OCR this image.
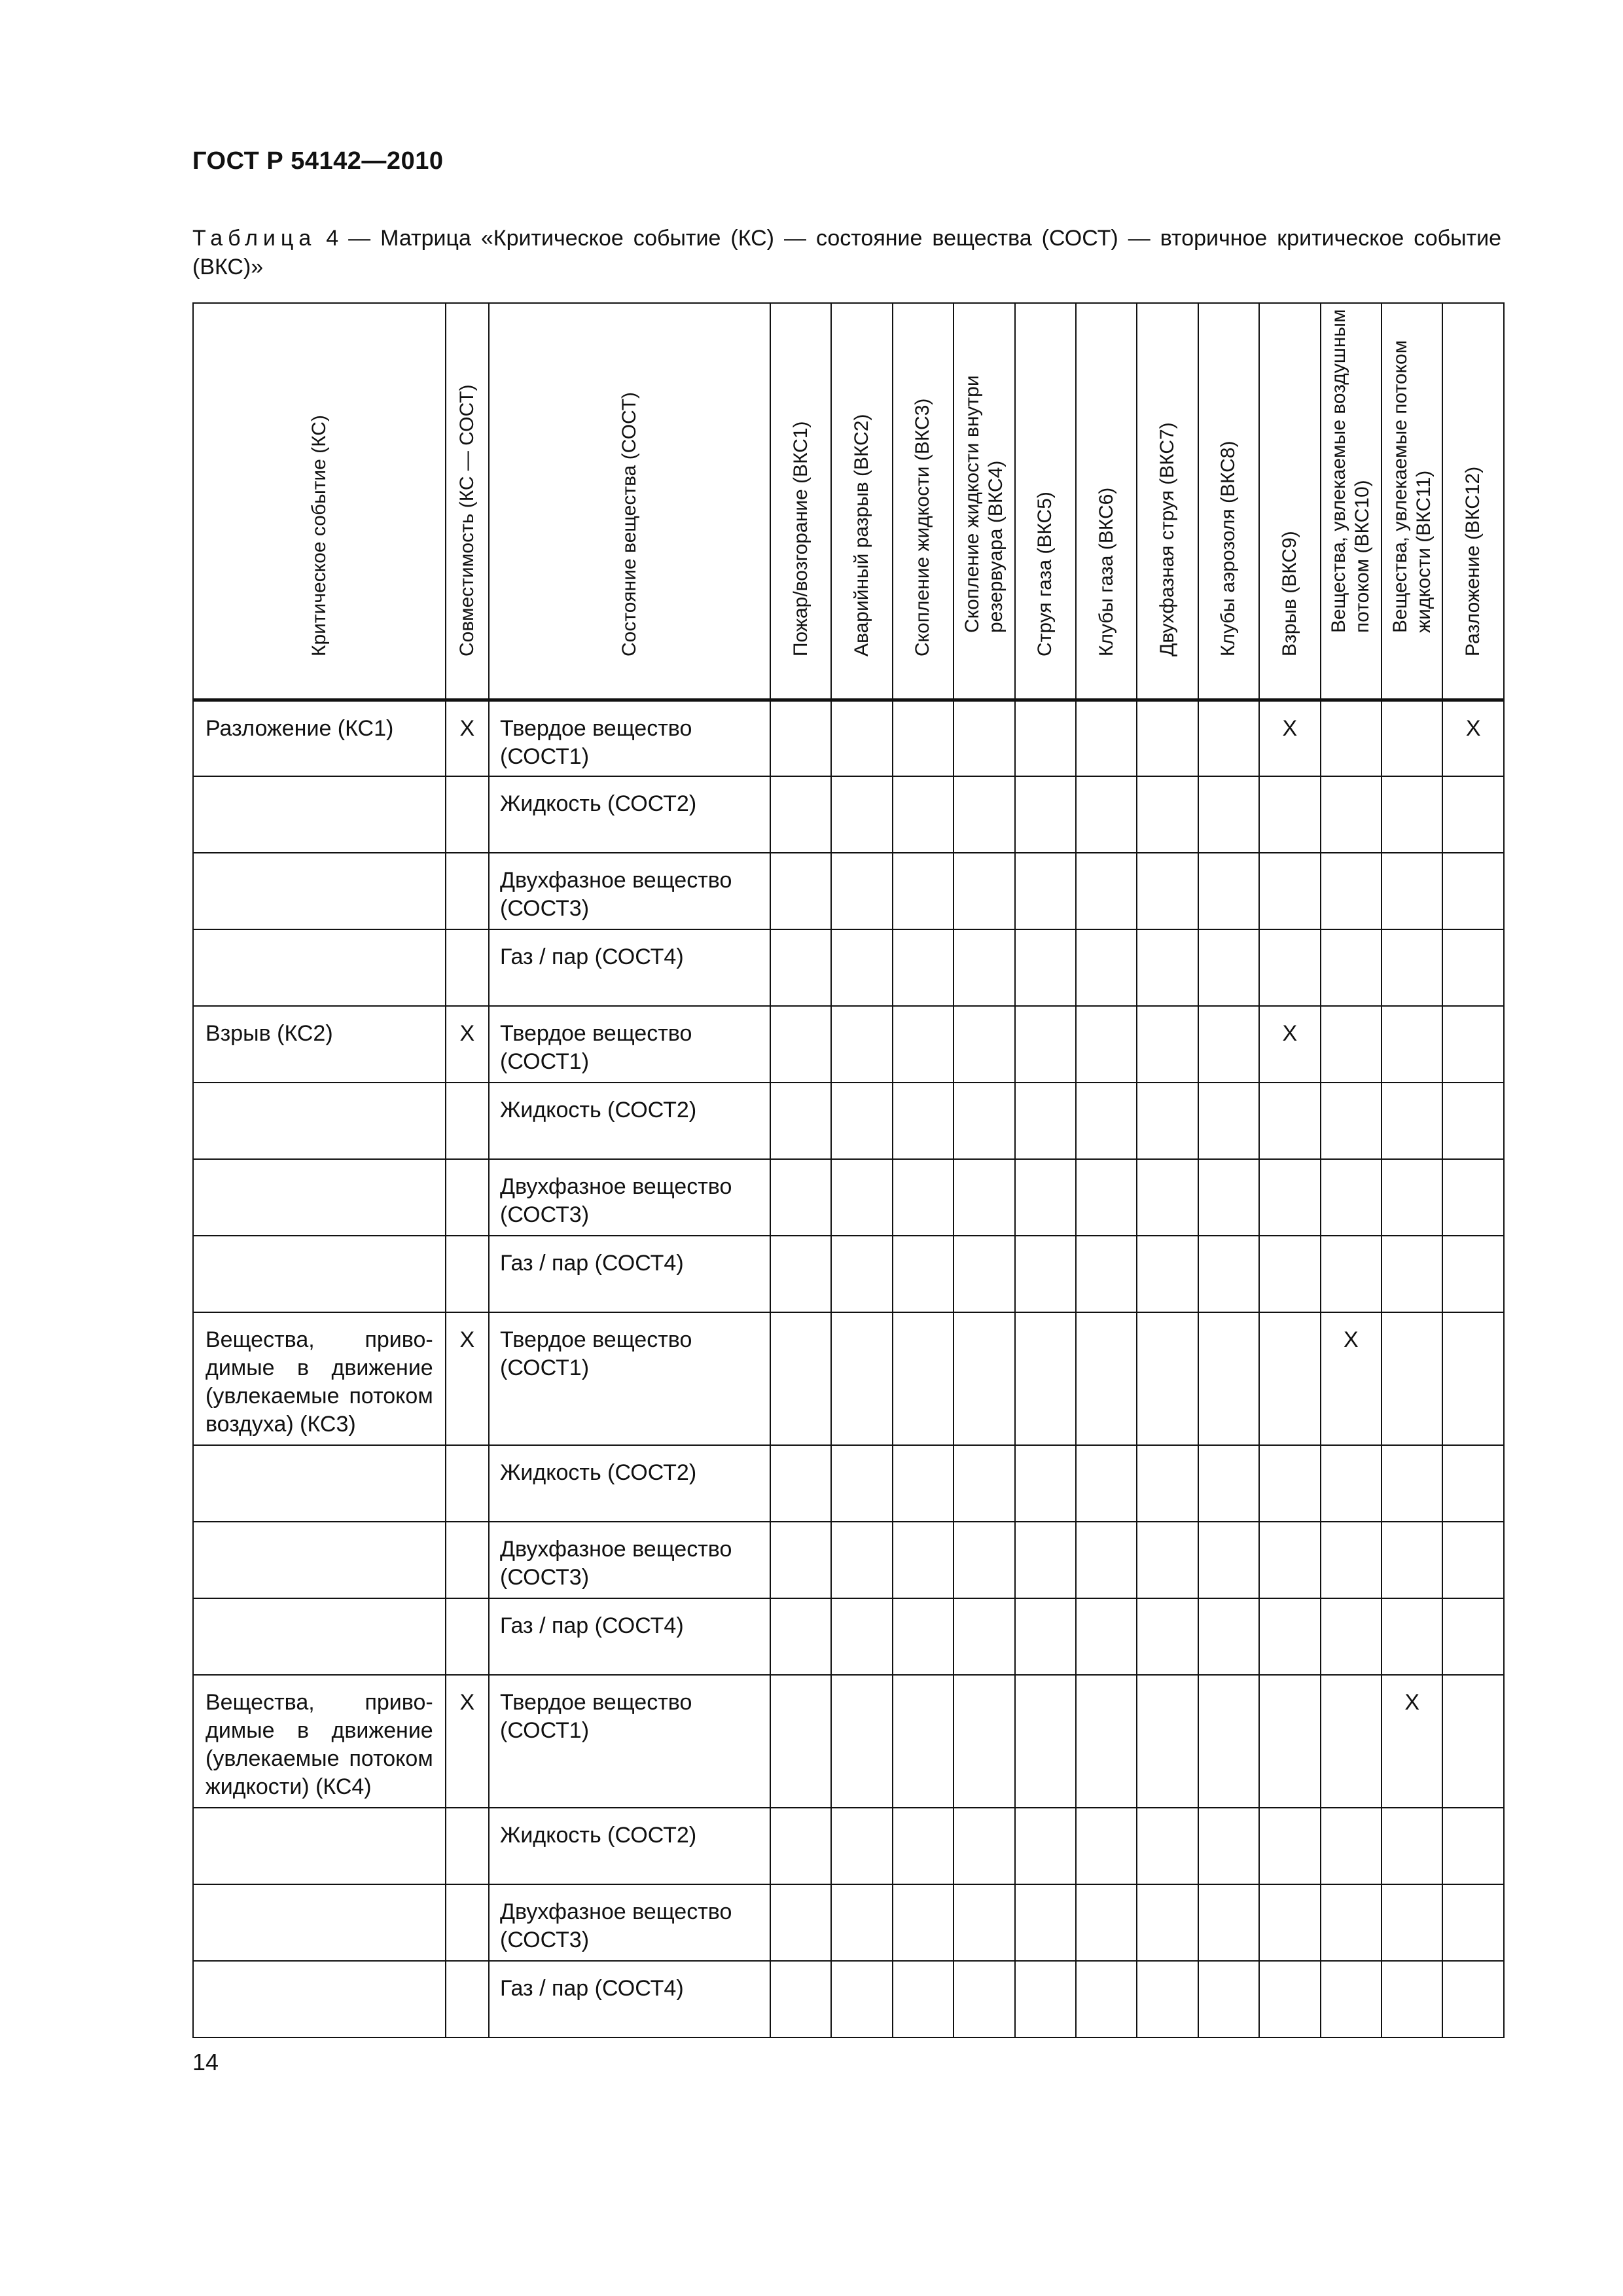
ГОСТ Р 54142—2010
Таблица 4 — Матрица «Критическое событие (КС) — состояние вещества (СОСТ) — вторичное критическое событие (ВКС)»
Критическое событие (КС)	Совместимость (КС — СОСТ)	Состояние вещества (СОСТ)	Пожар/возгорание (ВКС1)	Аварийный разрыв (ВКС2)	Скопление жидкости (ВКС3)	Скопление жидкости внутри резервуара (ВКС4)	Струя газа (ВКС5)	Клубы газа (ВКС6)	Двухфазная струя (ВКС7)	Клубы аэрозоля (ВКС8)	Взрыв (ВКС9)	Вещества, увлекаемые воздушным потоком (ВКС10)	Вещества, увлекаемые потоком жидкости (ВКС11)	Разложение (ВКС12)

Разложение (КС1)	X	Твердое вещество (СОСТ1)									X			X
		Жидкость (СОСТ2)												
		Двухфазное вещество (СОСТ3)												
		Газ / пар (СОСТ4)												
Взрыв (КС2)	X	Твердое вещество (СОСТ1)									X			
		Жидкость (СОСТ2)												
		Двухфазное вещество (СОСТ3)												
		Газ / пар (СОСТ4)												
Вещества, приводимые в движение (увлекаемые потоком воздуха) (КС3)	X	Твердое вещество (СОСТ1)										X		
		Жидкость (СОСТ2)												
		Двухфазное вещество (СОСТ3)												
		Газ / пар (СОСТ4)												
Вещества, приводимые в движение (увлекаемые потоком жидкости) (КС4)	X	Твердое вещество (СОСТ1)											X	
		Жидкость (СОСТ2)												
		Двухфазное вещество (СОСТ3)												
		Газ / пар (СОСТ4)												
14
